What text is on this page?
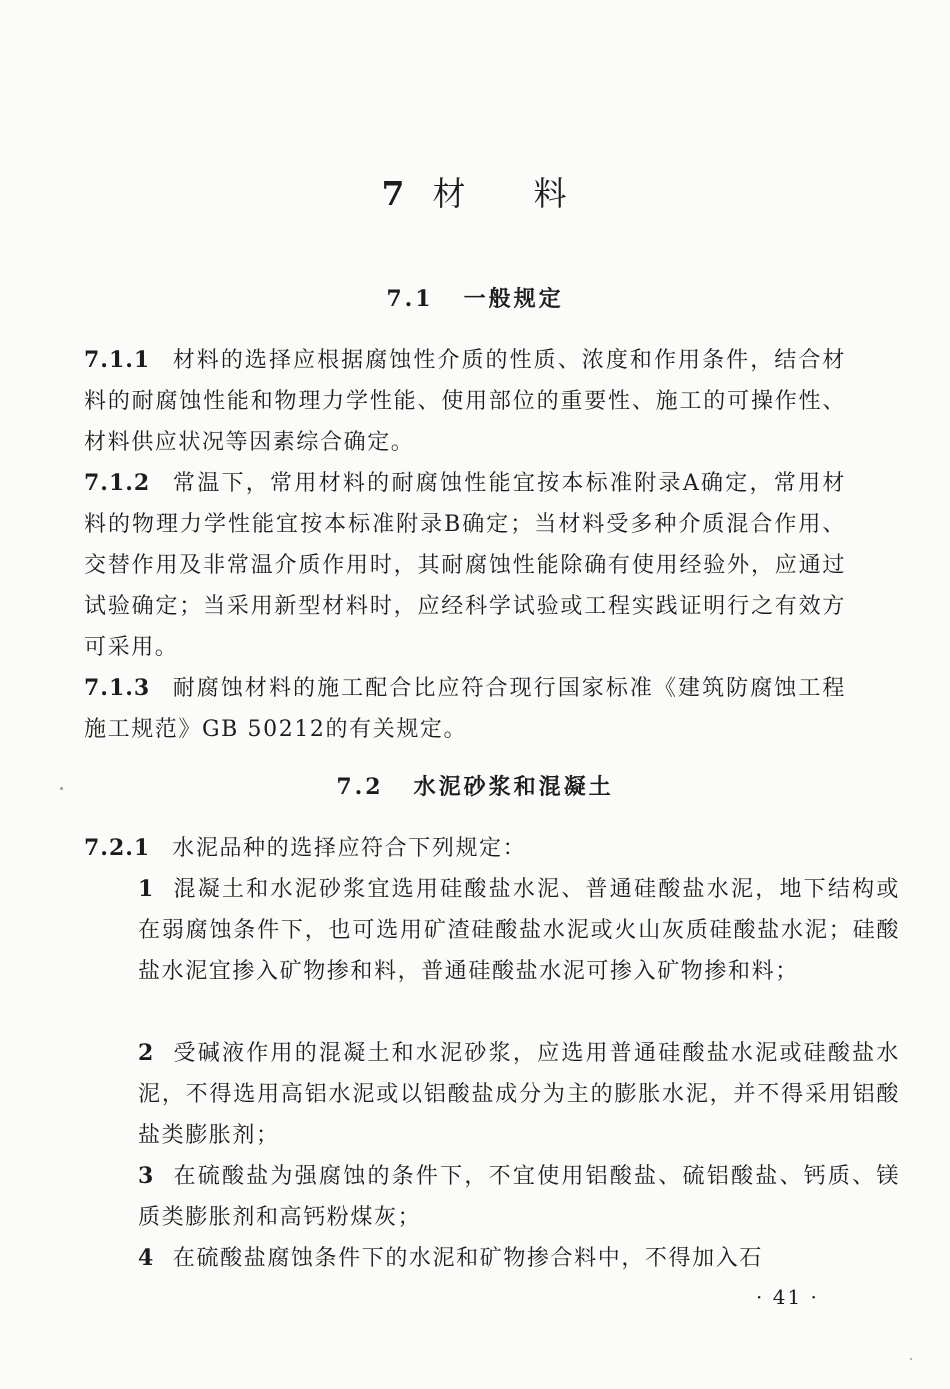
7 材 料
7.1 一般规定
7.1.1 材料的选择应根据腐蚀性介质的性质、浓度和作用条件，结合材料的耐腐蚀性能和物理力学性能、使用部位的重要性、施工的可操作性、材料供应状况等因素综合确定。
7.1.2 常温下，常用材料的耐腐蚀性能宜按本标准附录A确定，常用材料的物理力学性能宜按本标准附录B确定；当材料受多种介质混合作用、交替作用及非常温介质作用时，其耐腐蚀性能除确有使用经验外，应通过试验确定；当采用新型材料时，应经科学试验或工程实践证明行之有效方可采用。
7.1.3 耐腐蚀材料的施工配合比应符合现行国家标准《建筑防腐蚀工程施工规范》GB 50212的有关规定。
7.2 水泥砂浆和混凝土
7.2.1 水泥品种的选择应符合下列规定：
1 混凝土和水泥砂浆宜选用硅酸盐水泥、普通硅酸盐水泥，地下结构或在弱腐蚀条件下，也可选用矿渣硅酸盐水泥或火山灰质硅酸盐水泥；硅酸盐水泥宜掺入矿物掺和料，普通硅酸盐水泥可掺入矿物掺和料；
2 受碱液作用的混凝土和水泥砂浆，应选用普通硅酸盐水泥或硅酸盐水泥，不得选用高铝水泥或以铝酸盐成分为主的膨胀水泥，并不得采用铝酸盐类膨胀剂；
3 在硫酸盐为强腐蚀的条件下，不宜使用铝酸盐、硫铝酸盐、钙质、镁质类膨胀剂和高钙粉煤灰；
4 在硫酸盐腐蚀条件下的水泥和矿物掺合料中，不得加入石
· 41 ·
